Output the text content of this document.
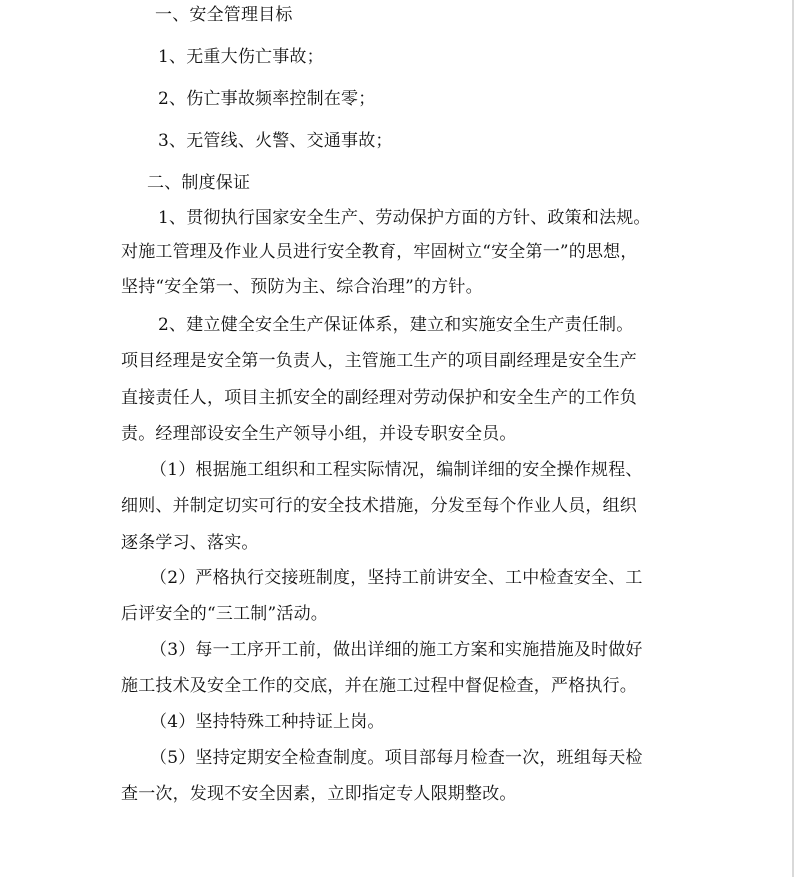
一、安全管理目标
1、无重大伤亡事故；
2、伤亡事故频率控制在零；
3、无管线、火警、交通事故；
二、制度保证
1、贯彻执行国家安全生产、劳动保护方面的方针、政策和法规。
对施工管理及作业人员进行安全教育，牢固树立“安全第一”的思想，
坚持“安全第一、预防为主、综合治理”的方针。
2、建立健全安全生产保证体系，建立和实施安全生产责任制。
项目经理是安全第一负责人，主管施工生产的项目副经理是安全生产
直接责任人，项目主抓安全的副经理对劳动保护和安全生产的工作负
责。经理部设安全生产领导小组，并设专职安全员。
（1）根据施工组织和工程实际情况，编制详细的安全操作规程、
细则、并制定切实可行的安全技术措施，分发至每个作业人员，组织
逐条学习、落实。
（2）严格执行交接班制度，坚持工前讲安全、工中检查安全、工
后评安全的“三工制”活动。
（3）每一工序开工前，做出详细的施工方案和实施措施及时做好
施工技术及安全工作的交底，并在施工过程中督促检查，严格执行。
（4）坚持特殊工种持证上岗。
（5）坚持定期安全检查制度。项目部每月检查一次，班组每天检
查一次，发现不安全因素，立即指定专人限期整改。
